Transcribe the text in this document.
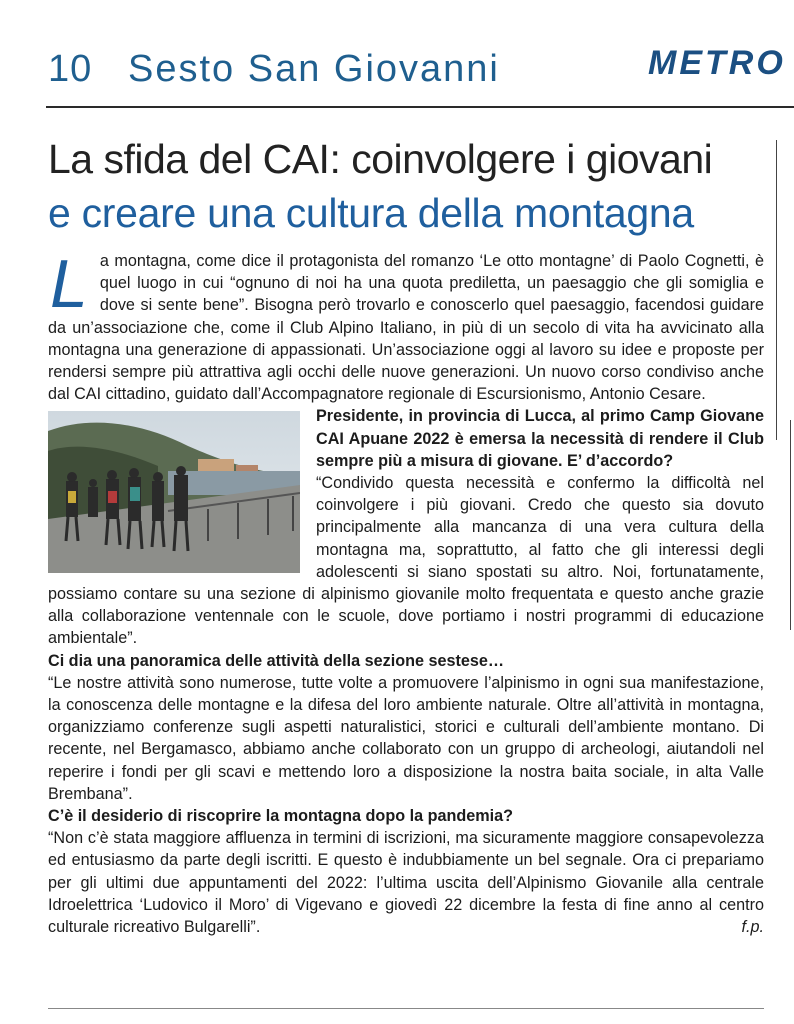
10 Sesto San Giovanni	METRO
La sfida del CAI: coinvolgere i giovani
e creare una cultura della montagna
L a montagna, come dice il protagonista del romanzo ‘Le otto montagne’ di Paolo Cognetti, è quel luogo in cui “ognuno di noi ha una quota prediletta, un paesaggio che gli somiglia e dove si sente bene”. Bisogna però trovarlo e conoscerlo quel paesaggio, facendosi guidare da un’associazione che, come il Club Alpino Italiano, in più di un secolo di vita ha avvicinato alla montagna una generazione di appassionati. Un’associazione oggi al lavoro su idee e proposte per rendersi sempre più attrattiva agli occhi delle nuove generazioni. Un nuovo corso condiviso anche dal CAI cittadino, guidato dall’Accompagnatore regionale di Escursionismo, Antonio Cesare.

Presidente, in provincia di Lucca, al primo Camp Giovane CAI Apuane 2022 è emersa la necessità di rendere il Club sempre più a misura di giovane. E’ d’accordo?

“Condivido questa necessità e confermo la difficoltà nel coinvolgere i più giovani. Credo che questo sia dovuto principalmente alla mancanza di una vera cultura della montagna ma, soprattutto, al fatto che gli interessi degli adolescenti si siano spostati su altro. Noi, fortunatamente, possiamo contare su una sezione di alpinismo giovanile molto frequentata e questo anche grazie alla collaborazione ventennale con le scuole, dove portiamo i nostri programmi di educazione ambientale”.

Ci dia una panoramica delle attività della sezione sestese…

“Le nostre attività sono numerose, tutte volte a promuovere l’alpinismo in ogni sua manifestazione, la conoscenza delle montagne e la difesa del loro ambiente naturale. Oltre all’attività in montagna, organizziamo conferenze sugli aspetti naturalistici, storici e culturali dell’ambiente montano. Di recente, nel Bergamasco, abbiamo anche collaborato con un gruppo di archeologi, aiutandoli nel reperire i fondi per gli scavi e mettendo loro a disposizione la nostra baita sociale, in alta Valle Brembana”.

C’è il desiderio di riscoprire la montagna dopo la pandemia?

“Non c’è stata maggiore affluenza in termini di iscrizioni, ma sicuramente maggiore consapevolezza ed entusiasmo da parte degli iscritti. E questo è indubbiamente un bel segnale. Ora ci prepariamo per gli ultimi due appuntamenti del 2022: l’ultima uscita dell’Alpinismo Giovanile alla centrale Idroelettrica ‘Ludovico il Moro’ di Vigevano e giovedì 22 dicembre la festa di fine anno al centro culturale ricreativo Bulgarelli”.	f.p.
